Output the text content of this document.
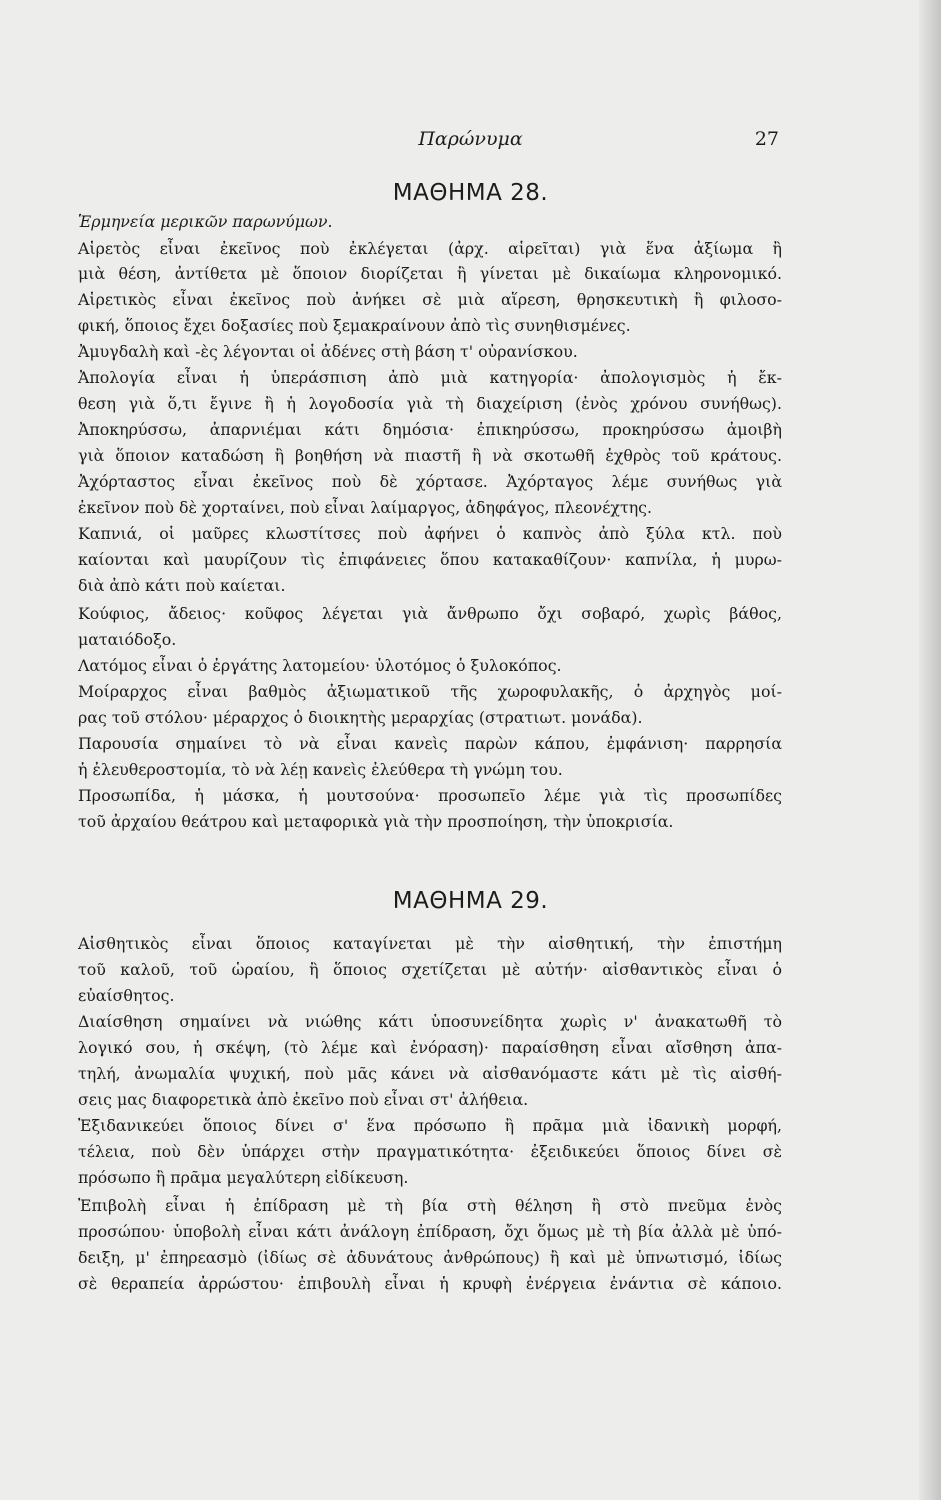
Παρώνυμα	27
ΜΑΘΗΜΑ 28.
Ἑρμηνεία μερικῶν παρωνύμων.
Αἱρετὸς εἶναι ἐκεῖνος ποὺ ἐκλέγεται (ἀρχ. αἱρεῖται) γιὰ ἕνα ἀξίωμα ἢ
μιὰ θέση, ἀντίθετα μὲ ὅποιον διορίζεται ἢ γίνεται μὲ δικαίωμα κληρονομικό.
Αἱρετικὸς εἶναι ἐκεῖνος ποὺ ἀνήκει σὲ μιὰ αἵρεση, θρησκευτικὴ ἢ φιλοσο-
φική, ὅποιος ἔχει δοξασίες ποὺ ξεμακραίνουν ἀπὸ τὶς συνηθισμένες.
Ἀμυγδαλὴ καὶ -ὲς λέγονται οἱ ἀδένες στὴ βάση τ' οὐρανίσκου.
Ἀπολογία εἶναι ἡ ὑπεράσπιση ἀπὸ μιὰ κατηγορία· ἀπολογισμὸς ἡ ἔκ-
θεση γιὰ ὅ,τι ἔγινε ἢ ἡ λογοδοσία γιὰ τὴ διαχείριση (ἑνὸς χρόνου συνήθως).
Ἀποκηρύσσω, ἀπαρνιέμαι κάτι δημόσια· ἐπικηρύσσω, προκηρύσσω ἀμοιβὴ
γιὰ ὅποιον καταδώση ἢ βοηθήση νὰ πιαστῆ ἢ νὰ σκοτωθῆ ἐχθρὸς τοῦ κράτους.
Ἀχόρταστος εἶναι ἐκεῖνος ποὺ δὲ χόρτασε. Ἀχόρταγος λέμε συνήθως γιὰ
ἐκεῖνον ποὺ δὲ χορταίνει, ποὺ εἶναι λαίμαργος, ἀδηφάγος, πλεονέχτης.
Καπνιά, οἱ μαῦρες κλωστίτσες ποὺ ἀφήνει ὁ καπνὸς ἀπὸ ξύλα κτλ. ποὺ
καίονται καὶ μαυρίζουν τὶς ἐπιφάνειες ὅπου κατακαθίζουν· καπνίλα, ἡ μυρω-
διὰ ἀπὸ κάτι ποὺ καίεται.
Κούφιος, ἄδειος· κοῦφος λέγεται γιὰ ἄνθρωπο ὄχι σοβαρό, χωρὶς βάθος,
ματαιόδοξο.
Λατόμος εἶναι ὁ ἐργάτης λατομείου· ὑλοτόμος ὁ ξυλοκόπος.
Μοίραρχος εἶναι βαθμὸς ἀξιωματικοῦ τῆς χωροφυλακῆς, ὁ ἀρχηγὸς μοί-
ρας τοῦ στόλου· μέραρχος ὁ διοικητὴς μεραρχίας (στρατιωτ. μονάδα).
Παρουσία σημαίνει τὸ νὰ εἶναι κανεὶς παρὼν κάπου, ἐμφάνιση· παρρησία
ἡ ἐλευθεροστομία, τὸ νὰ λέῃ κανεὶς ἐλεύθερα τὴ γνώμη του.
Προσωπίδα, ἡ μάσκα, ἡ μουτσούνα· προσωπεῖο λέμε γιὰ τὶς προσωπίδες
τοῦ ἀρχαίου θεάτρου καὶ μεταφορικὰ γιὰ τὴν προσποίηση, τὴν ὑποκρισία.
ΜΑΘΗΜΑ 29.
Αἰσθητικὸς εἶναι ὅποιος καταγίνεται μὲ τὴν αἰσθητική, τὴν ἐπιστήμη
τοῦ καλοῦ, τοῦ ὡραίου, ἢ ὅποιος σχετίζεται μὲ αὐτήν· αἰσθαντικὸς εἶναι ὁ
εὐαίσθητος.
Διαίσθηση σημαίνει νὰ νιώθης κάτι ὑποσυνείδητα χωρὶς ν' ἀνακατωθῆ τὸ
λογικό σου, ἡ σκέψη, (τὸ λέμε καὶ ἐνόραση)· παραίσθηση εἶναι αἴσθηση ἀπα-
τηλή, ἀνωμαλία ψυχική, ποὺ μᾶς κάνει νὰ αἰσθανόμαστε κάτι μὲ τὶς αἰσθή-
σεις μας διαφορετικὰ ἀπὸ ἐκεῖνο ποὺ εἶναι στ' ἀλήθεια.
Ἐξιδανικεύει ὅποιος δίνει σ' ἕνα πρόσωπο ἢ πρᾶμα μιὰ ἰδανικὴ μορφή,
τέλεια, ποὺ δὲν ὑπάρχει στὴν πραγματικότητα· ἐξειδικεύει ὅποιος δίνει σὲ
πρόσωπο ἢ πρᾶμα μεγαλύτερη εἰδίκευση.
Ἐπιβολὴ εἶναι ἡ ἐπίδραση μὲ τὴ βία στὴ θέληση ἢ στὸ πνεῦμα ἑνὸς
προσώπου· ὑποβολὴ εἶναι κάτι ἀνάλογη ἐπίδραση, ὄχι ὅμως μὲ τὴ βία ἀλλὰ μὲ ὑπό-
δειξη, μ' ἐπηρεασμὸ (ἰδίως σὲ ἀδυνάτους ἀνθρώπους) ἢ καὶ μὲ ὑπνωτισμό, ἰδίως
σὲ θεραπεία ἀρρώστου· ἐπιβουλὴ εἶναι ἡ κρυφὴ ἐνέργεια ἐνάντια σὲ κάποιο.
